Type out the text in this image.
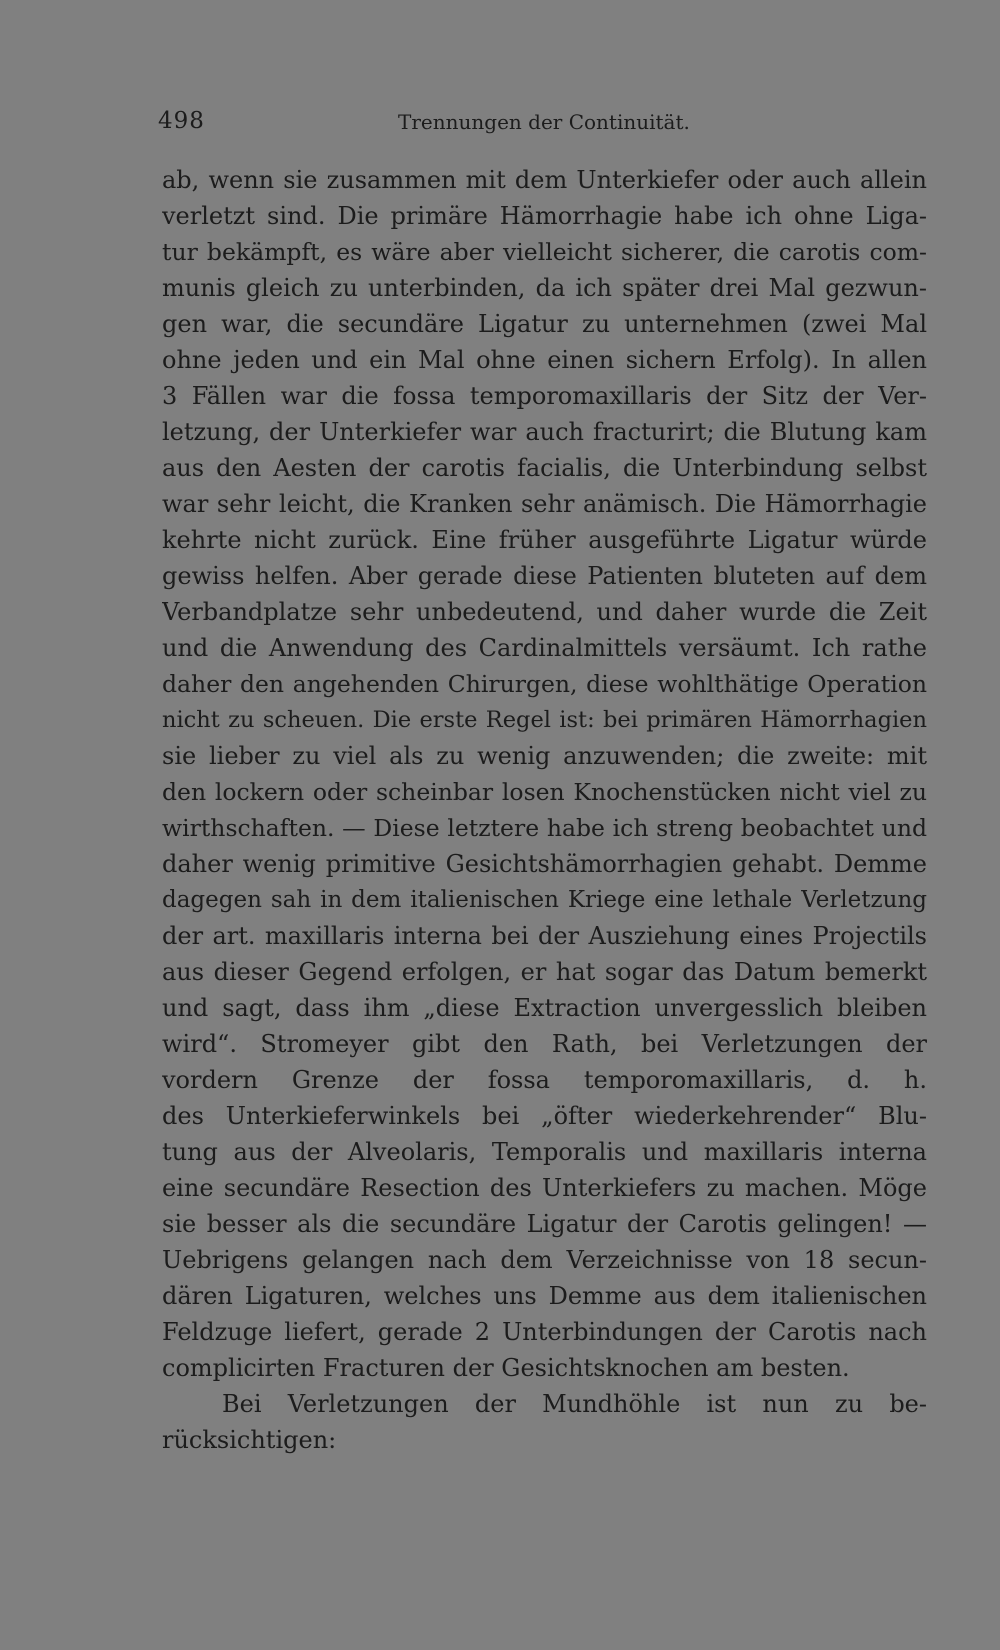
498	Trennungen der Continuität.
ab, wenn sie zusammen mit dem Unterkiefer oder auch allein
verletzt sind. Die primäre Hämorrhagie habe ich ohne Liga-
tur bekämpft, es wäre aber vielleicht sicherer, die carotis com-
munis gleich zu unterbinden, da ich später drei Mal gezwun-
gen war, die secundäre Ligatur zu unternehmen (zwei Mal
ohne jeden und ein Mal ohne einen sichern Erfolg). In allen
3 Fällen war die fossa temporomaxillaris der Sitz der Ver-
letzung, der Unterkiefer war auch fracturirt; die Blutung kam
aus den Aesten der carotis facialis, die Unterbindung selbst
war sehr leicht, die Kranken sehr anämisch. Die Hämorrhagie
kehrte nicht zurück. Eine früher ausgeführte Ligatur würde
gewiss helfen. Aber gerade diese Patienten bluteten auf dem
Verbandplatze sehr unbedeutend, und daher wurde die Zeit
und die Anwendung des Cardinalmittels versäumt. Ich rathe
daher den angehenden Chirurgen, diese wohlthätige Operation
nicht zu scheuen. Die erste Regel ist: bei primären Hämorrhagien
sie lieber zu viel als zu wenig anzuwenden; die zweite: mit
den lockern oder scheinbar losen Knochenstücken nicht viel zu
wirthschaften. — Diese letztere habe ich streng beobachtet und
daher wenig primitive Gesichtshämorrhagien gehabt. Demme
dagegen sah in dem italienischen Kriege eine lethale Verletzung
der art. maxillaris interna bei der Ausziehung eines Projectils
aus dieser Gegend erfolgen, er hat sogar das Datum bemerkt
und sagt, dass ihm „diese Extraction unvergesslich bleiben
wird“. Stromeyer gibt den Rath, bei Verletzungen der
vordern Grenze der fossa temporomaxillaris, d. h.
des Unterkieferwinkels bei „öfter wiederkehrender“ Blu-
tung aus der Alveolaris, Temporalis und maxillaris interna
eine secundäre Resection des Unterkiefers zu machen. Möge
sie besser als die secundäre Ligatur der Carotis gelingen! —
Uebrigens gelangen nach dem Verzeichnisse von 18 secun-
dären Ligaturen, welches uns Demme aus dem italienischen
Feldzuge liefert, gerade 2 Unterbindungen der Carotis nach
complicirten Fracturen der Gesichtsknochen am besten.
Bei Verletzungen der Mundhöhle ist nun zu be-
rücksichtigen:
